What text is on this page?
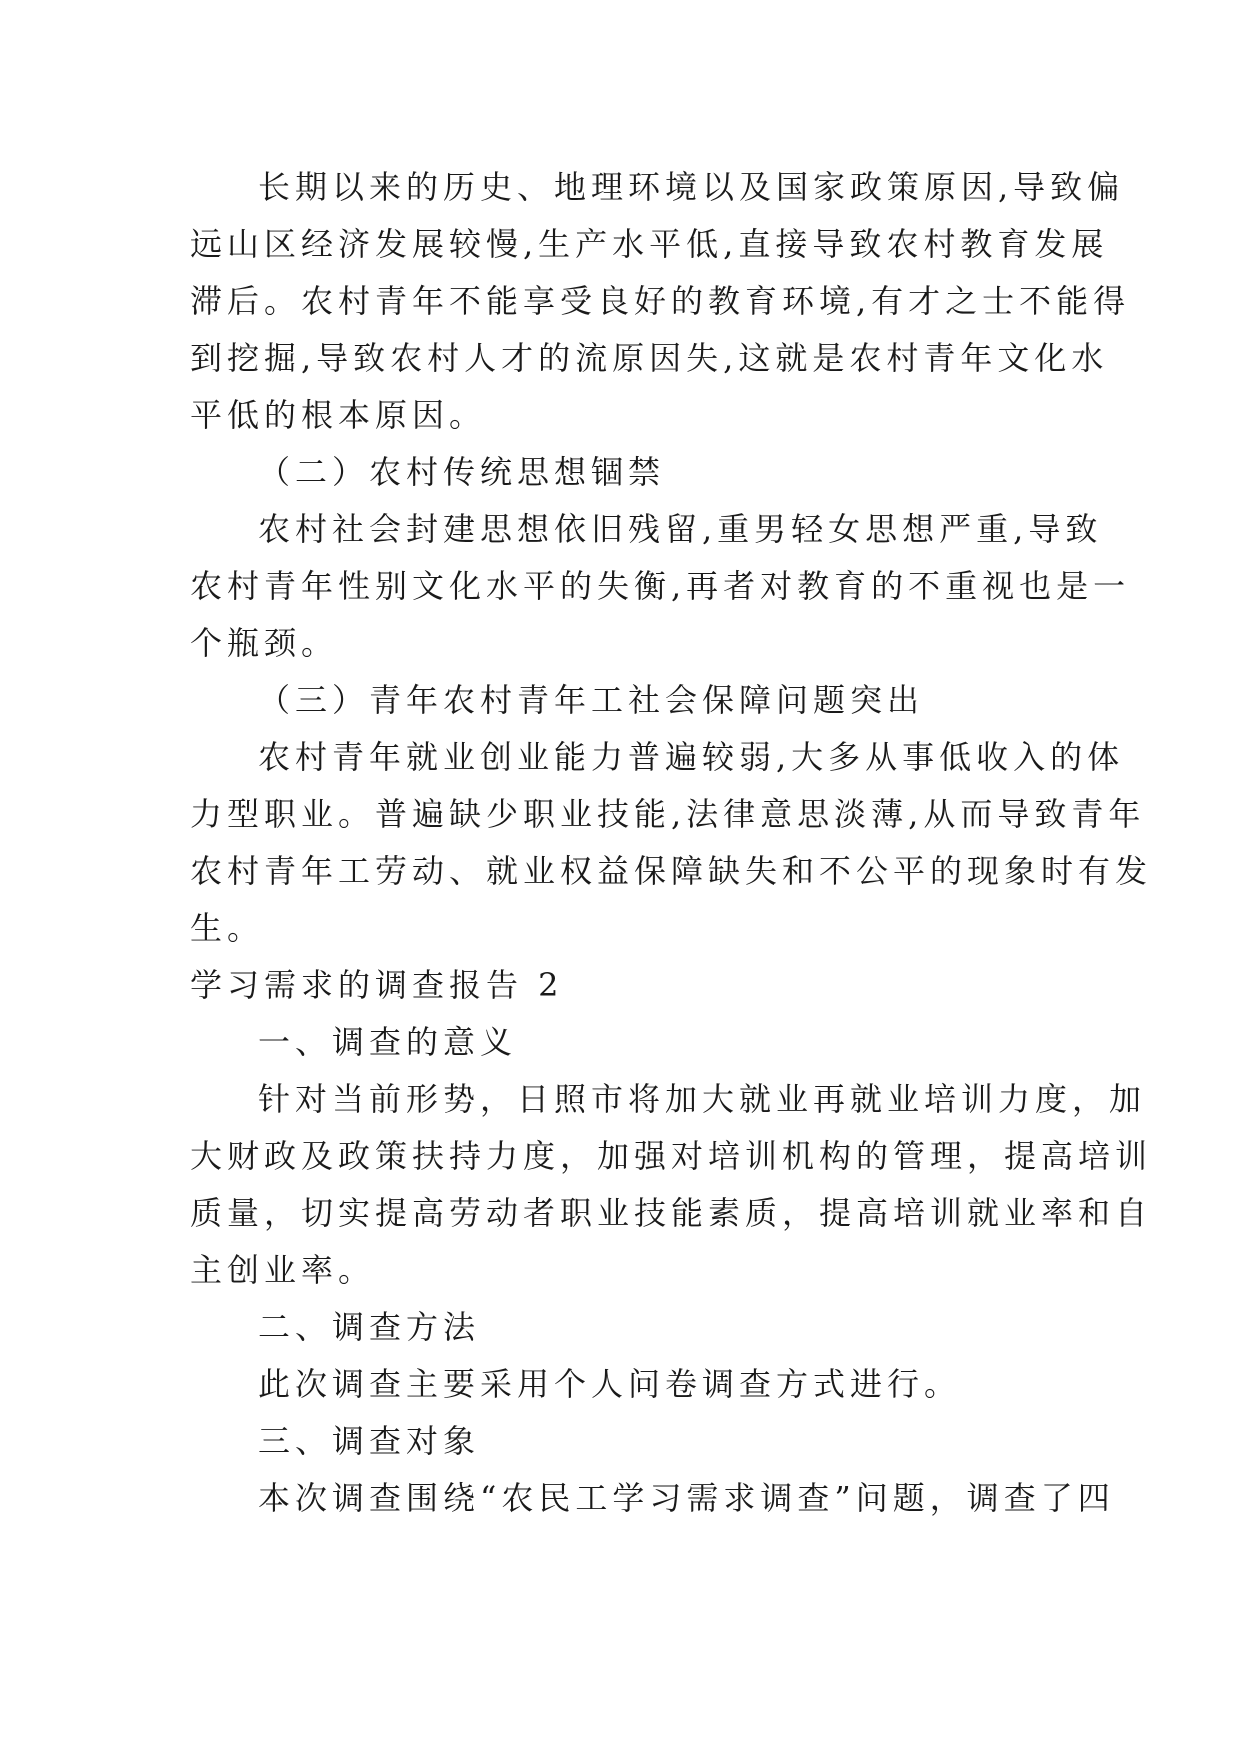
长期以来的历史、地理环境以及国家政策原因,导致偏
远山区经济发展较慢,生产水平低,直接导致农村教育发展
滞后。农村青年不能享受良好的教育环境,有才之士不能得
到挖掘,导致农村人才的流原因失,这就是农村青年文化水
平低的根本原因。
（二）农村传统思想锢禁
农村社会封建思想依旧残留,重男轻女思想严重,导致
农村青年性别文化水平的失衡,再者对教育的不重视也是一
个瓶颈。
（三）青年农村青年工社会保障问题突出
农村青年就业创业能力普遍较弱,大多从事低收入的体
力型职业。普遍缺少职业技能,法律意思淡薄,从而导致青年
农村青年工劳动、就业权益保障缺失和不公平的现象时有发
生。
学习需求的调查报告 2
一、调查的意义
针对当前形势，日照市将加大就业再就业培训力度，加
大财政及政策扶持力度，加强对培训机构的管理，提高培训
质量，切实提高劳动者职业技能素质，提高培训就业率和自
主创业率。
二、调查方法
此次调查主要采用个人问卷调查方式进行。
三、调查对象
本次调查围绕“农民工学习需求调查”问题，调查了四
